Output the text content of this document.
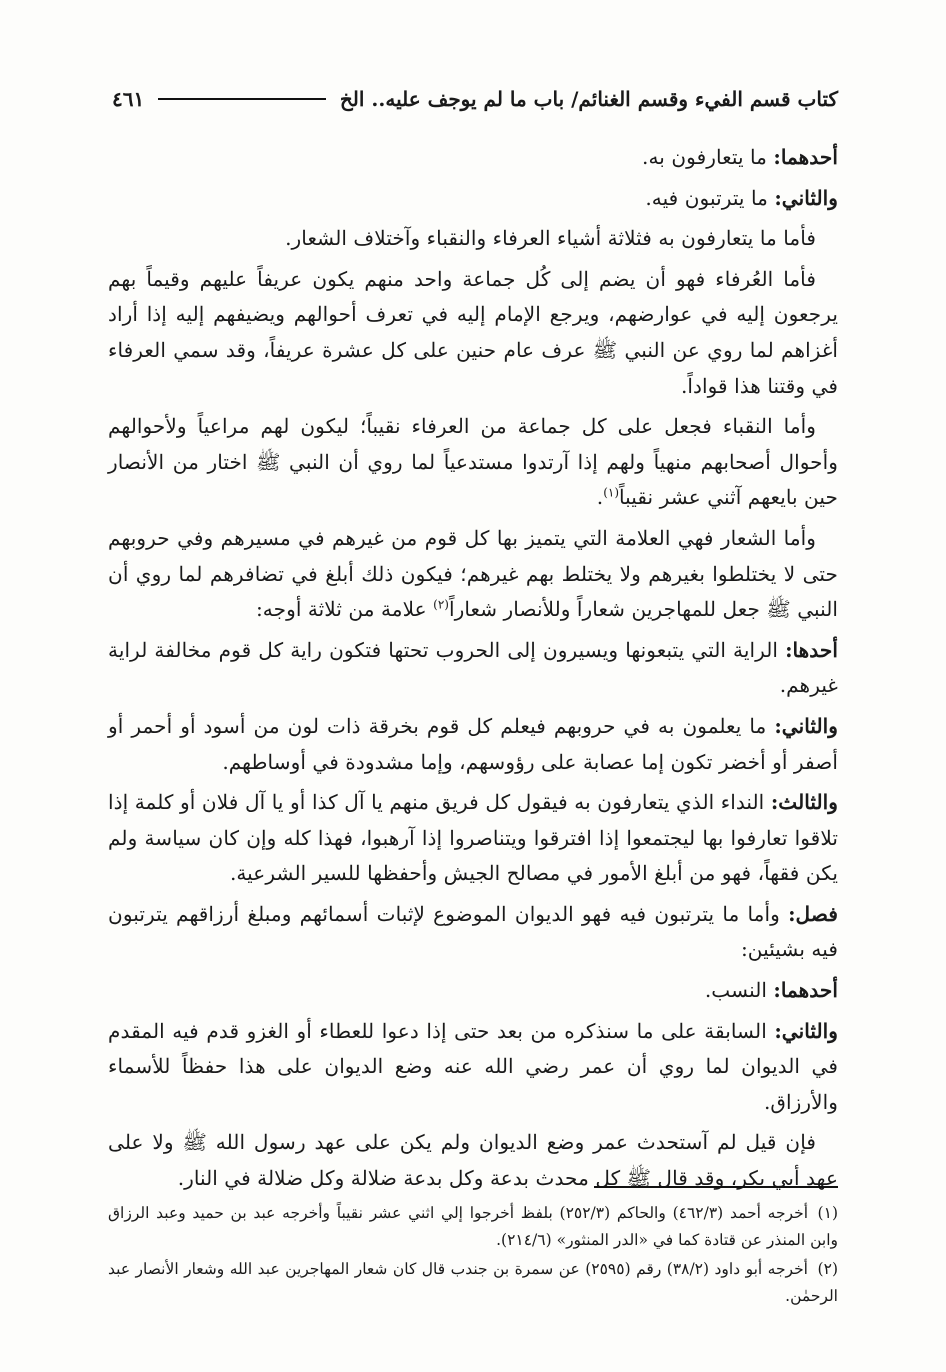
كتاب قسم الفيء وقسم الغنائم/ باب ما لم يوجف عليه.. الخ
٤٦١

أحدهما: ما يتعارفون به.

والثاني: ما يترتبون فيه.

فأما ما يتعارفون به فثلاثة أشياء العرفاء والنقباء وآختلاف الشعار.

فأما العُرفاء فهو أن يضم إلى كُل جماعة واحد منهم يكون عريفاً عليهم وقيماً بهم يرجعون إليه في عوارضهم، ويرجع الإمام إليه في تعرف أحوالهم ويضيفهم إليه إذا أراد أغزاهم لما روي عن النبي ﷺ عرف عام حنين على كل عشرة عريفاً، وقد سمي العرفاء في وقتنا هذا قواداً.

وأما النقباء فجعل على كل جماعة من العرفاء نقيباً؛ ليكون لهم مراعياً ولأحوالهم وأحوال أصحابهم منهياً ولهم إذا آرتدوا مستدعياً لما روي أن النبي ﷺ اختار من الأنصار حين بايعهم آثني عشر نقيباً$^{(١)}$.

وأما الشعار فهي العلامة التي يتميز بها كل قوم من غيرهم في مسيرهم وفي حروبهم حتى لا يختلطوا بغيرهم ولا يختلط بهم غيرهم؛ فيكون ذلك أبلغ في تضافرهم لما روي أن النبي ﷺ جعل للمهاجرين شعاراً وللأنصار شعاراً$^{(٢)}$ علامة من ثلاثة أوجه:

أحدها: الراية التي يتبعونها ويسيرون إلى الحروب تحتها فتكون راية كل قوم مخالفة لراية غيرهم.

والثاني: ما يعلمون به في حروبهم فيعلم كل قوم بخرقة ذات لون من أسود أو أحمر أو أصفر أو أخضر تكون إما عصابة على رؤوسهم، وإما مشدودة في أوساطهم.

والثالث: النداء الذي يتعارفون به فيقول كل فريق منهم يا آل كذا أو يا آل فلان أو كلمة إذا تلاقوا تعارفوا بها ليجتمعوا إذا افترقوا ويتناصروا إذا آرهبوا، فهذا كله وإن كان سياسة ولم يكن فقهاً، فهو من أبلغ الأمور في مصالح الجيش وأحفظها للسير الشرعية.

فصل: وأما ما يترتبون فيه فهو الديوان الموضوع لإثبات أسمائهم ومبلغ أرزاقهم يترتبون فيه بشيئين:

أحدهما: النسب.

والثاني: السابقة على ما سنذكره من بعد حتى إذا دعوا للعطاء أو الغزو قدم فيه المقدم في الديوان لما روي أن عمر رضي الله عنه وضع الديوان على هذا حفظاً للأسماء والأرزاق.

فإن قيل لم آستحدث عمر وضع الديوان ولم يكن على عهد رسول الله ﷺ ولا على عهد أبي بكر، وقد قال ﷺ كل محدث بدعة وكل بدعة ضلالة وكل ضلالة في النار.

(١)أخرجه أحمد (٤٦٢/٣) والحاكم (٢٥٢/٣) بلفظ أخرجوا إلي اثني عشر نقيباً وأخرجه عبد بن حميد وعبد الرزاق وابن المنذر عن قتادة كما في «الدر المنثور» (٢١٤/٦).

(٢)أخرجه أبو داود (٣٨/٢) رقم (٢٥٩٥) عن سمرة بن جندب قال كان شعار المهاجرين عبد الله وشعار الأنصار عبد الرحمٰن.
